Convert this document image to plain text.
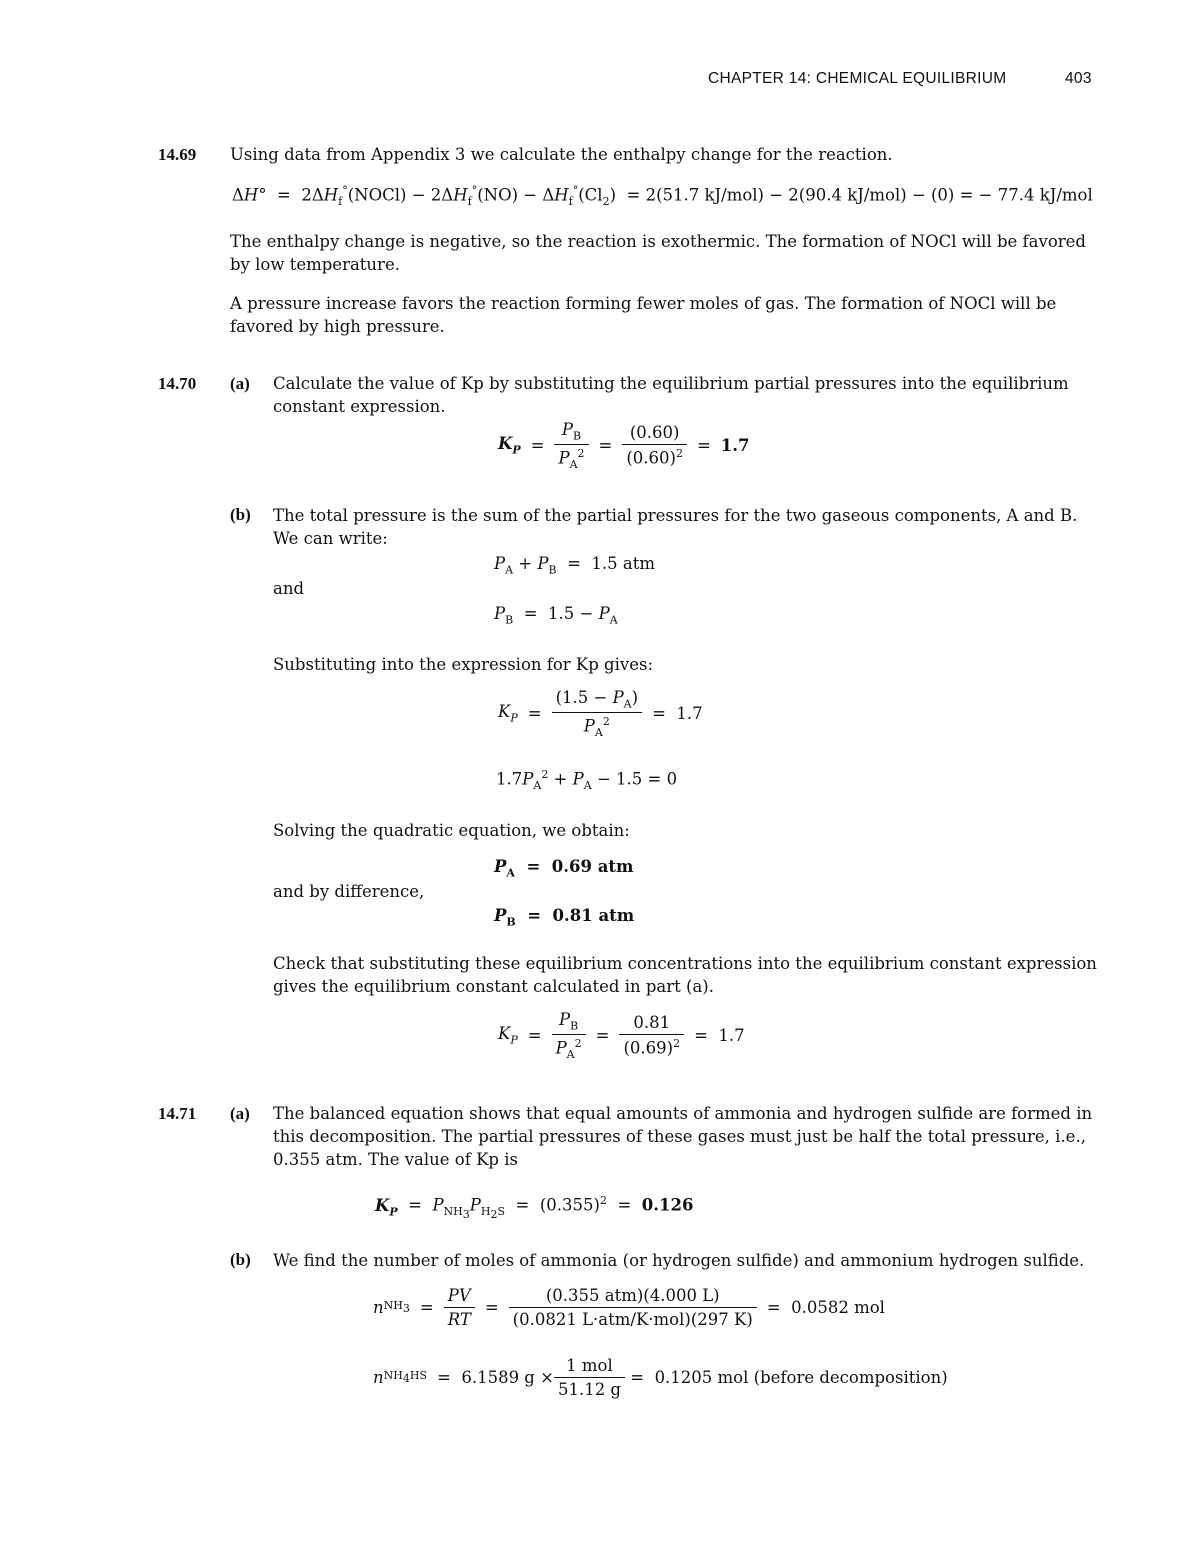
CHAPTER 14: CHEMICAL EQUILIBRIUM	403
14.69 Using data from Appendix 3 we calculate the enthalpy change for the reaction.
$\Delta H^\circ = 2\Delta H_f^\circ(NOCl) - 2\Delta H_f^\circ(NO) - \Delta H_f^\circ(Cl_2) = 2(51.7$ kJ/mol) − 2(90.4 kJ/mol) − (0) = − 77.4 kJ/mol
The enthalpy change is negative, so the reaction is exothermic. The formation of NOCl will be favored by low temperature.
A pressure increase favors the reaction forming fewer moles of gas. The formation of NOCl will be favored by high pressure.
14.70 (a) Calculate the value of Kp by substituting the equilibrium partial pressures into the equilibrium constant expression.
$K_P = \frac{P_B}{P_A^2} = \frac{(0.60)}{(0.60)^2} = 1.7$
(b) The total pressure is the sum of the partial pressures for the two gaseous components, A and B. We can write:
$P_A + P_B = 1.5$ atm
and
$P_B = 1.5 - P_A$
Substituting into the expression for Kp gives:
$K_P = \frac{(1.5 - P_A)}{P_A^2} = 1.7$
$1.7P_A^2 + P_A - 1.5 = 0$
Solving the quadratic equation, we obtain:
$P_A = 0.69$ atm
and by difference,
$P_B = 0.81$ atm
Check that substituting these equilibrium concentrations into the equilibrium constant expression gives the equilibrium constant calculated in part (a).
$K_P = \frac{P_B}{P_A^2} = \frac{0.81}{(0.69)^2} = 1.7$
14.71 (a) The balanced equation shows that equal amounts of ammonia and hydrogen sulfide are formed in this decomposition. The partial pressures of these gases must just be half the total pressure, i.e., 0.355 atm. The value of Kp is
$K_P = P_{NH_3}P_{H_2S} = (0.355)^2 = 0.126$
(b) We find the number of moles of ammonia (or hydrogen sulfide) and ammonium hydrogen sulfide.
n $NH_3 = \frac{PV}{RT} = \frac{\text{(0.355 atm)(4.000 L)}}{\text{(0.0821 L·atm/K·mol)(297 K)}} = 0.0582$ mol
n $NH_4HS = 6.1589$ $g \times \frac{\text{1 mol}}{51.12 g} = 0.1205$ mol (before decomposition)
